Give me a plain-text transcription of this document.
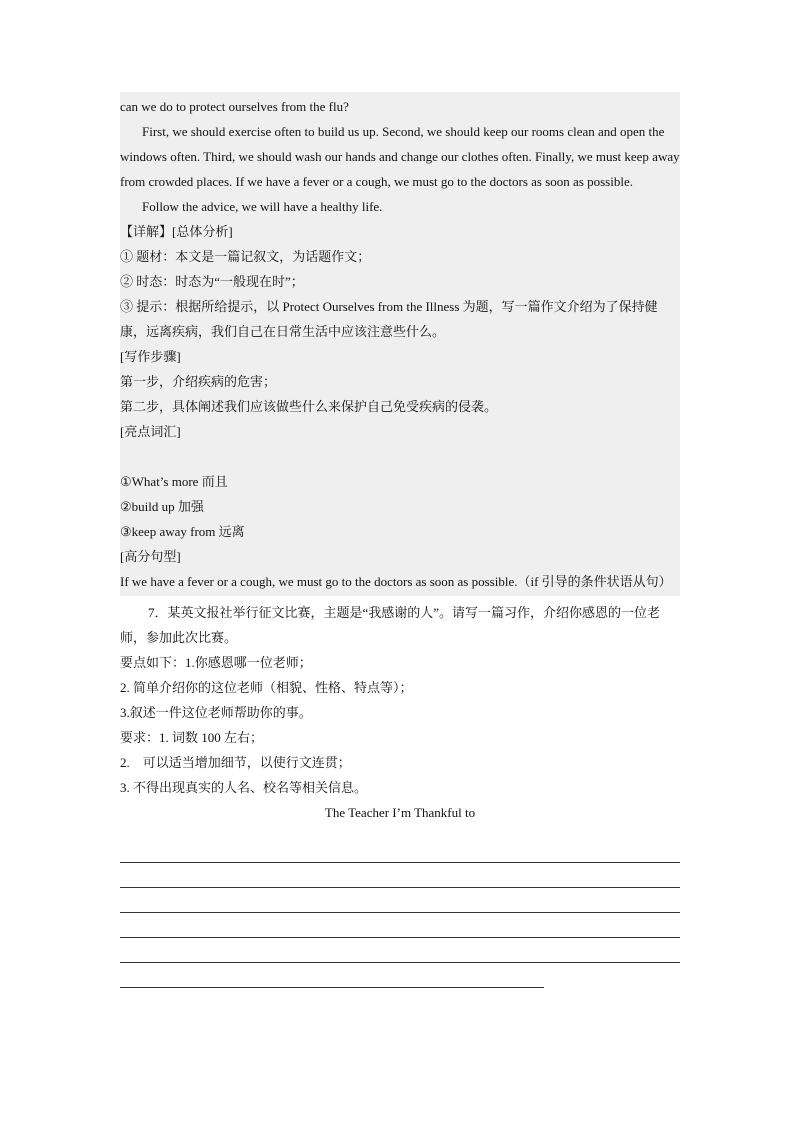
can we do to protect ourselves from the flu?

First, we should exercise often to build us up. Second, we should keep our rooms clean and open the windows often. Third, we should wash our hands and change our clothes often. Finally, we must keep away from crowded places. If we have a fever or a cough, we must go to the doctors as soon as possible.

Follow the advice, we will have a healthy life.

【详解】[总体分析]

① 题材：本文是一篇记叙文，为话题作文；

② 时态：时态为“一般现在时”；

③ 提示：根据所给提示，以 Protect Ourselves from the Illness 为题，写一篇作文介绍为了保持健康，远离疾病，我们自己在日常生活中应该注意些什么。

[写作步骤]

第一步，介绍疾病的危害；

第二步，具体阐述我们应该做些什么来保护自己免受疾病的侵袭。

[亮点词汇]

①What’s more 而且

②build up 加强

③keep away from 远离

[高分句型]

If we have a fever or a cough, we must go to the doctors as soon as possible.（if 引导的条件状语从句）

7．某英文报社举行征文比赛，主题是“我感谢的人”。请写一篇习作，介绍你感恩的一位老师，参加此次比赛。

要点如下：1.你感恩哪一位老师；

2. 简单介绍你的这位老师（相貌、性格、特点等）；

3.叙述一件这位老师帮助你的事。

要求：1. 词数 100 左右；

2.    可以适当增加细节，以使行文连贯；

3. 不得出现真实的人名、校名等相关信息。

The Teacher I’m Thankful to
